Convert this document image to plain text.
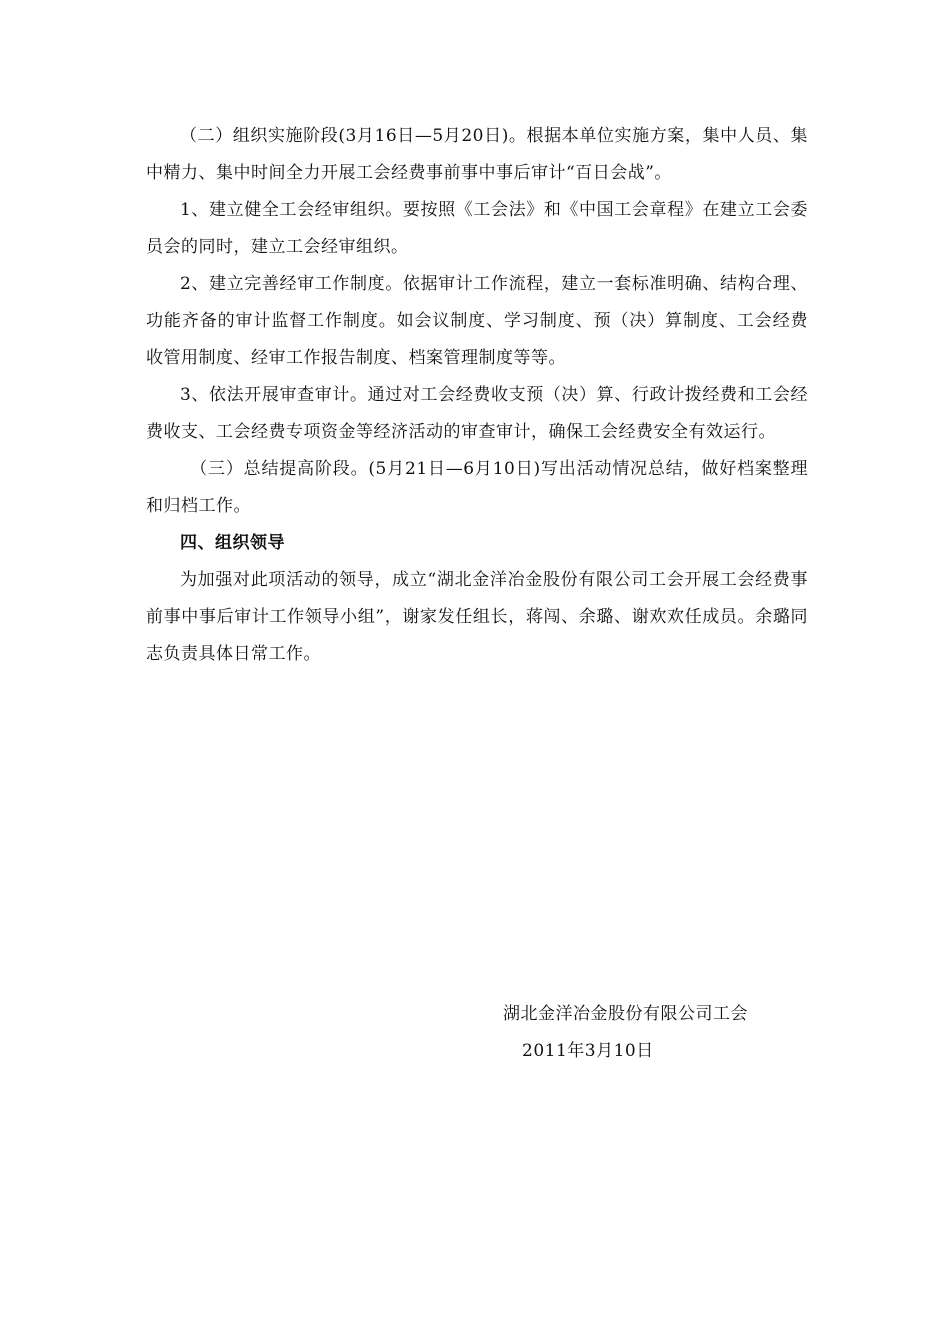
（二）组织实施阶段(3月16日—5月20日)。根据本单位实施方案，集中人员、集中精力、集中时间全力开展工会经费事前事中事后审计“百日会战”。

1、建立健全工会经审组织。要按照《工会法》和《中国工会章程》在建立工会委员会的同时，建立工会经审组织。

2、建立完善经审工作制度。依据审计工作流程，建立一套标准明确、结构合理、功能齐备的审计监督工作制度。如会议制度、学习制度、预（决）算制度、工会经费收管用制度、经审工作报告制度、档案管理制度等等。

3、依法开展审查审计。通过对工会经费收支预（决）算、行政计拨经费和工会经费收支、工会经费专项资金等经济活动的审查审计，确保工会经费安全有效运行。

（三）总结提高阶段。(5月21日—6月10日)写出活动情况总结，做好档案整理和归档工作。

四、组织领导

为加强对此项活动的领导，成立“湖北金洋冶金股份有限公司工会开展工会经费事前事中事后审计工作领导小组”，谢家发任组长，蒋闯、余璐、谢欢欢任成员。余璐同志负责具体日常工作。

湖北金洋冶金股份有限公司工会
2011年3月10日
